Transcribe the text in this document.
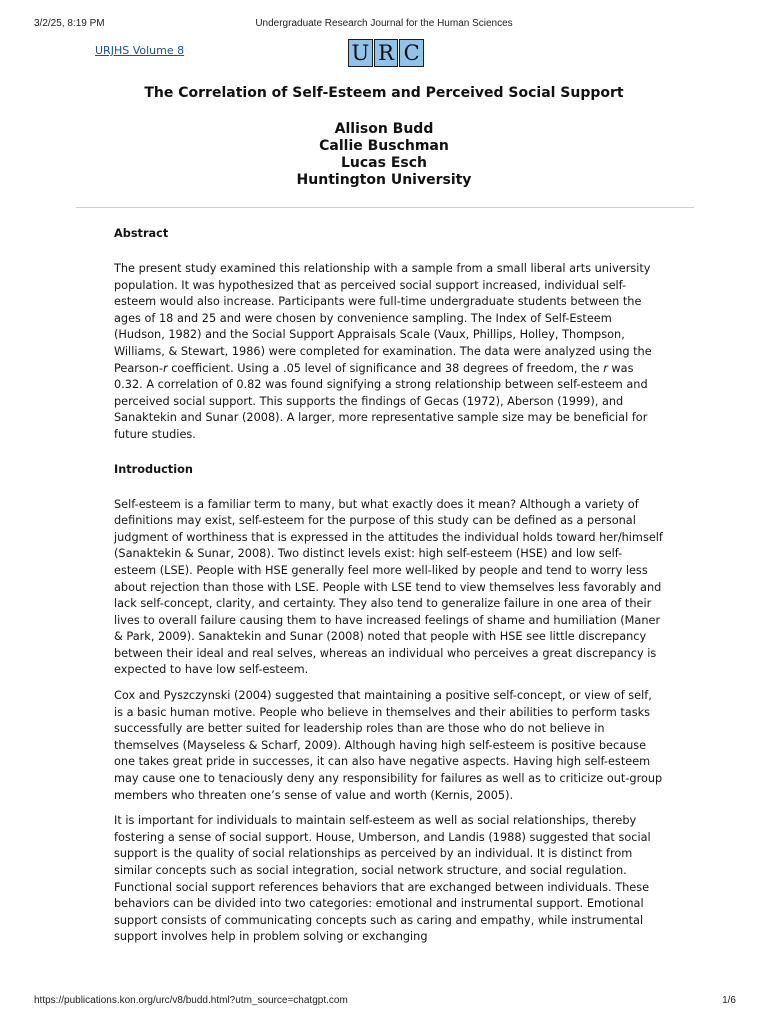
3/2/25, 8:19 PM	Undergraduate Research Journal for the Human Sciences
URJHS Volume 8	U R C
The Correlation of Self-Esteem and Perceived Social Support
Allison Budd
Callie Buschman
Lucas Esch
Huntington University
Abstract

The present study examined this relationship with a sample from a small liberal arts university population. It was hypothesized that as perceived social support increased, individual self-esteem would also increase. Participants were full-time undergraduate students between the ages of 18 and 25 and were chosen by convenience sampling. The Index of Self-Esteem (Hudson, 1982) and the Social Support Appraisals Scale (Vaux, Phillips, Holley, Thompson, Williams, & Stewart, 1986) were completed for examination. The data were analyzed using the Pearson-r coefficient. Using a .05 level of significance and 38 degrees of freedom, the r was 0.32. A correlation of 0.82 was found signifying a strong relationship between self-esteem and perceived social support. This supports the findings of Gecas (1972), Aberson (1999), and Sanaktekin and Sunar (2008). A larger, more representative sample size may be beneficial for future studies.

Introduction

Self-esteem is a familiar term to many, but what exactly does it mean? Although a variety of definitions may exist, self-esteem for the purpose of this study can be defined as a personal judgment of worthiness that is expressed in the attitudes the individual holds toward her/himself (Sanaktekin & Sunar, 2008). Two distinct levels exist: high self-esteem (HSE) and low self-esteem (LSE). People with HSE generally feel more well-liked by people and tend to worry less about rejection than those with LSE. People with LSE tend to view themselves less favorably and lack self-concept, clarity, and certainty. They also tend to generalize failure in one area of their lives to overall failure causing them to have increased feelings of shame and humiliation (Maner & Park, 2009). Sanaktekin and Sunar (2008) noted that people with HSE see little discrepancy between their ideal and real selves, whereas an individual who perceives a great discrepancy is expected to have low self-esteem.

Cox and Pyszczynski (2004) suggested that maintaining a positive self-concept, or view of self, is a basic human motive. People who believe in themselves and their abilities to perform tasks successfully are better suited for leadership roles than are those who do not believe in themselves (Mayseless & Scharf, 2009). Although having high self-esteem is positive because one takes great pride in successes, it can also have negative aspects. Having high self-esteem may cause one to tenaciously deny any responsibility for failures as well as to criticize out-group members who threaten one’s sense of value and worth (Kernis, 2005).

It is important for individuals to maintain self-esteem as well as social relationships, thereby fostering a sense of social support. House, Umberson, and Landis (1988) suggested that social support is the quality of social relationships as perceived by an individual. It is distinct from similar concepts such as social integration, social network structure, and social regulation. Functional social support references behaviors that are exchanged between individuals. These behaviors can be divided into two categories: emotional and instrumental support. Emotional support consists of communicating concepts such as caring and empathy, while instrumental support involves help in problem solving or exchanging

https://publications.kon.org/urc/v8/budd.html?utm_source=chatgpt.com	1/6
